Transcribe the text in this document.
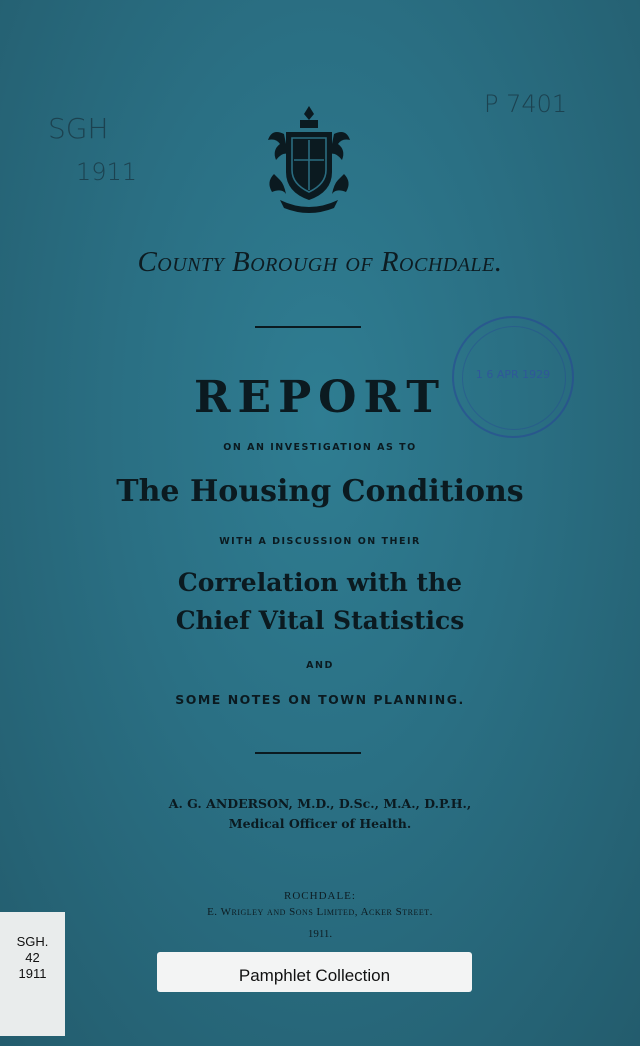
SGH
1911
P 7401
County Borough of Rochdale.
1 6 APR 1929
REPORT
ON AN INVESTIGATION AS TO
The Housing Conditions
WITH A DISCUSSION ON THEIR
Correlation with the
Chief Vital Statistics
AND
SOME NOTES ON TOWN PLANNING.
A. G. ANDERSON, M.D., D.Sc., M.A., D.P.H.,
Medical Officer of Health.
ROCHDALE:
E. Wrigley and Sons Limited, Acker Street.
1911.
SGH.
42
1911	Pamphlet Collection
